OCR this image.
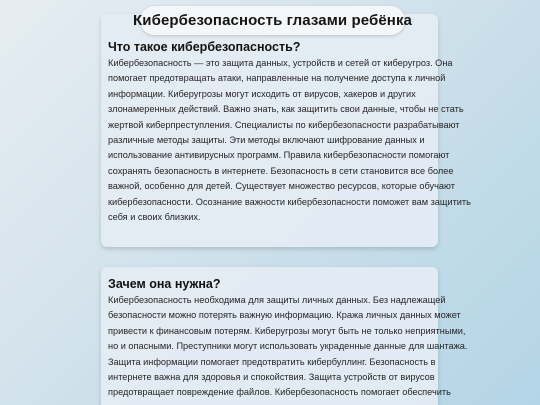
Кибербезопасность глазами ребёнка
Что такое кибербезопасность?

Кибербезопасность — это защита данных, устройств и сетей от киберугроз. Она
помогает предотвращать атаки, направленные на получение доступа к личной
информации. Киберугрозы могут исходить от вирусов, хакеров и других
злонамеренных действий. Важно знать, как защитить свои данные, чтобы не стать
жертвой киберпреступления. Специалисты по кибербезопасности разрабатывают
различные методы защиты. Эти методы включают шифрование данных и
использование антивирусных программ. Правила кибербезопасности помогают
сохранять безопасность в интернете. Безопасность в сети становится все более
важной, особенно для детей. Существует множество ресурсов, которые обучают
кибербезопасности. Осознание важности кибербезопасности поможет вам защитить
себя и своих близких.

Зачем она нужна?

Кибербезопасность необходима для защиты личных данных. Без надлежащей
безопасности можно потерять важную информацию. Кража личных данных может
привести к финансовым потерям. Киберугрозы могут быть не только неприятными,
но и опасными. Преступники могут использовать украденные данные для шантажа.
Защита информации помогает предотвратить кибербуллинг. Безопасность в
интернете важна для здоровья и спокойствия. Защита устройств от вирусов
предотвращает повреждение файлов. Кибербезопасность помогает обеспечить
